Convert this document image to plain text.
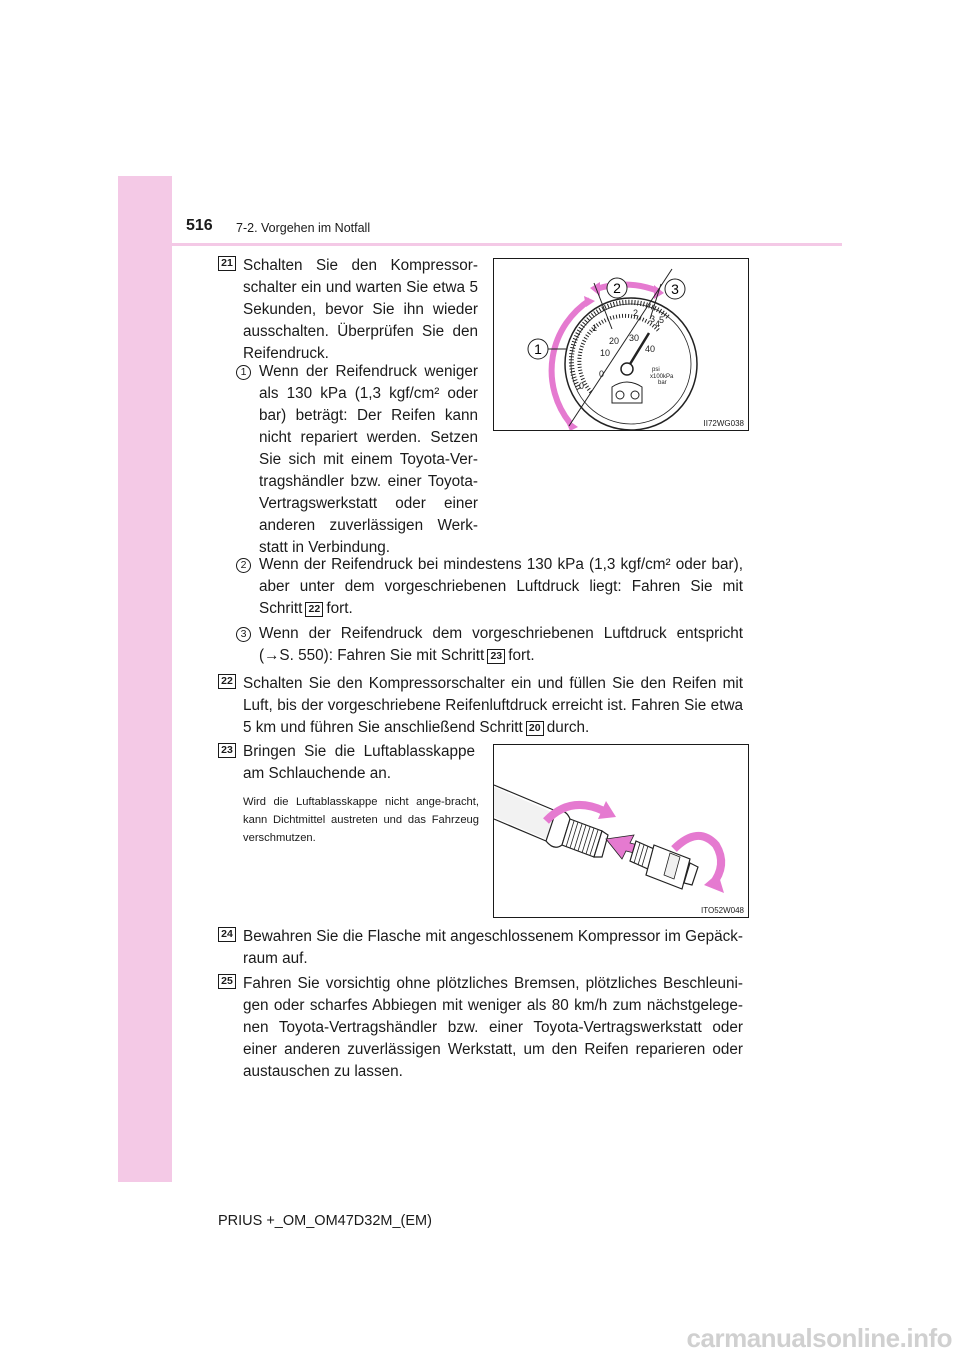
516 7-2. Vorgehen im Notfall
21 Schalten Sie den Kompressor-schalter ein und warten Sie etwa 5 Sekunden, bevor Sie ihn wieder ausschalten. Überprüfen Sie den Reifendruck.
1 Wenn der Reifendruck weniger als 130 kPa (1,3 kgf/cm² oder bar) beträgt: Der Reifen kann nicht repariert werden. Setzen Sie sich mit einem Toyota-Ver-tragshändler bzw. einer Toyota-Vertragswerkstatt oder einer anderen zuverlässigen Werk-statt in Verbindung.
2 Wenn der Reifendruck bei mindestens 130 kPa (1,3 kgf/cm² oder bar), aber unter dem vorgeschriebenen Luftdruck liegt: Fahren Sie mit Schritt 22 fort.
3 Wenn der Reifendruck dem vorgeschriebenen Luftdruck entspricht (→S. 550): Fahren Sie mit Schritt 23 fort.
2	3
1
0
1
2
3 4
5
0
10
20 30
40
psi
x100kPa
bar
II72WG038
22 Schalten Sie den Kompressorschalter ein und füllen Sie den Reifen mit Luft, bis der vorgeschriebene Reifenluftdruck erreicht ist. Fahren Sie etwa 5 km und führen Sie anschließend Schritt 20 durch.
23 Bringen Sie die Luftablasskappe am Schlauchende an.
Wird die Luftablasskappe nicht ange-bracht, kann Dichtmittel austreten und das Fahrzeug verschmutzen.
ITO52W048
24 Bewahren Sie die Flasche mit angeschlossenem Kompressor im Gepäck-raum auf.
25 Fahren Sie vorsichtig ohne plötzliches Bremsen, plötzliches Beschleuni-gen oder scharfes Abbiegen mit weniger als 80 km/h zum nächstgelege-nen Toyota-Vertragshändler bzw. einer Toyota-Vertragswerkstatt oder einer anderen zuverlässigen Werkstatt, um den Reifen reparieren oder austauschen zu lassen.
PRIUS +_OM_OM47D32M_(EM)
carmanualsonline.info
